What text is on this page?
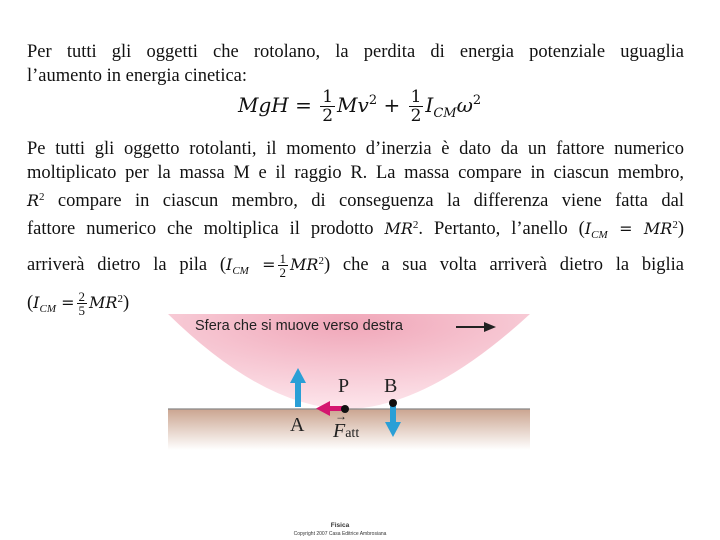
Per tutti gli oggetti che rotolano, la perdita di energia potenziale uguaglia
l’aumento in energia cinetica:
MgH = $\frac{1}{2} Mv^2 + \frac{1}{2} I_{CM}\omega^2$
Pe tutti gli oggetto rotolanti, il momento d’inerzia è dato da un fattore numerico
moltiplicato per la massa M e il raggio R. La massa compare in ciascun membro,
$R^2$ compare in ciascun membro, di conseguenza la differenza viene fatta dal
fattore numerico che moltiplica il prodotto $MR^2$. Pertanto, l’anello $(I_{CM} = MR^2)$
arriverà dietro la pila $(I_{CM} = \frac{1}{2} MR^2)$ che a sua volta arriverà dietro la biglia
$(I_{CM} = \frac{2}{5} MR^2)$
Sfera che si muove verso destra
P B
A	→
Fatt
Fisica
Copyright 2007 Casa Editrice Ambrosiana
